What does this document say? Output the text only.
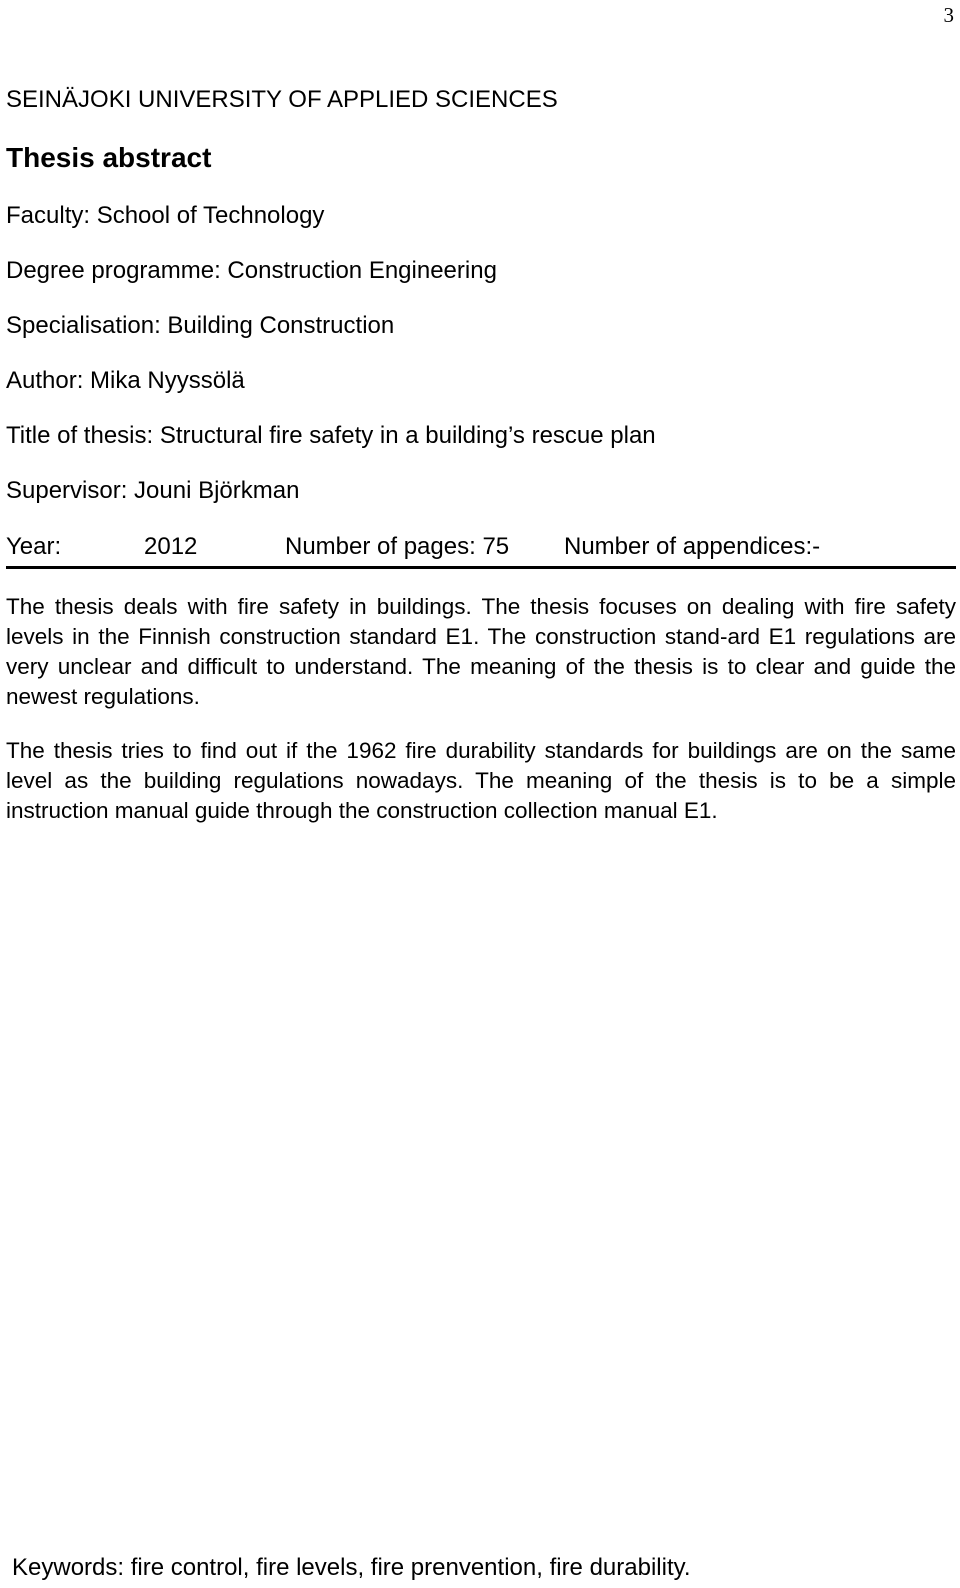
3
SEINÄJOKI UNIVERSITY OF APPLIED SCIENCES
Thesis abstract
Faculty: School of Technology
Degree programme: Construction Engineering
Specialisation: Building Construction
Author: Mika Nyyssölä
Title of thesis: Structural fire safety in a building’s rescue plan
Supervisor: Jouni Björkman
Year:	2012	Number of pages: 75 Number of appendices:-

The thesis deals with fire safety in buildings. The thesis focuses on dealing with fire safety levels in the Finnish construction standard E1. The construction stand-ard E1 regulations are very unclear and difficult to understand. The meaning of the thesis is to clear and guide the newest regulations.

The thesis tries to find out if the 1962 fire durability standards for buildings are on the same level as the building regulations nowadays. The meaning of the thesis is to be a simple instruction manual guide through the construction collection manual E1.

Keywords: fire control, fire levels, fire prenvention, fire durability.
